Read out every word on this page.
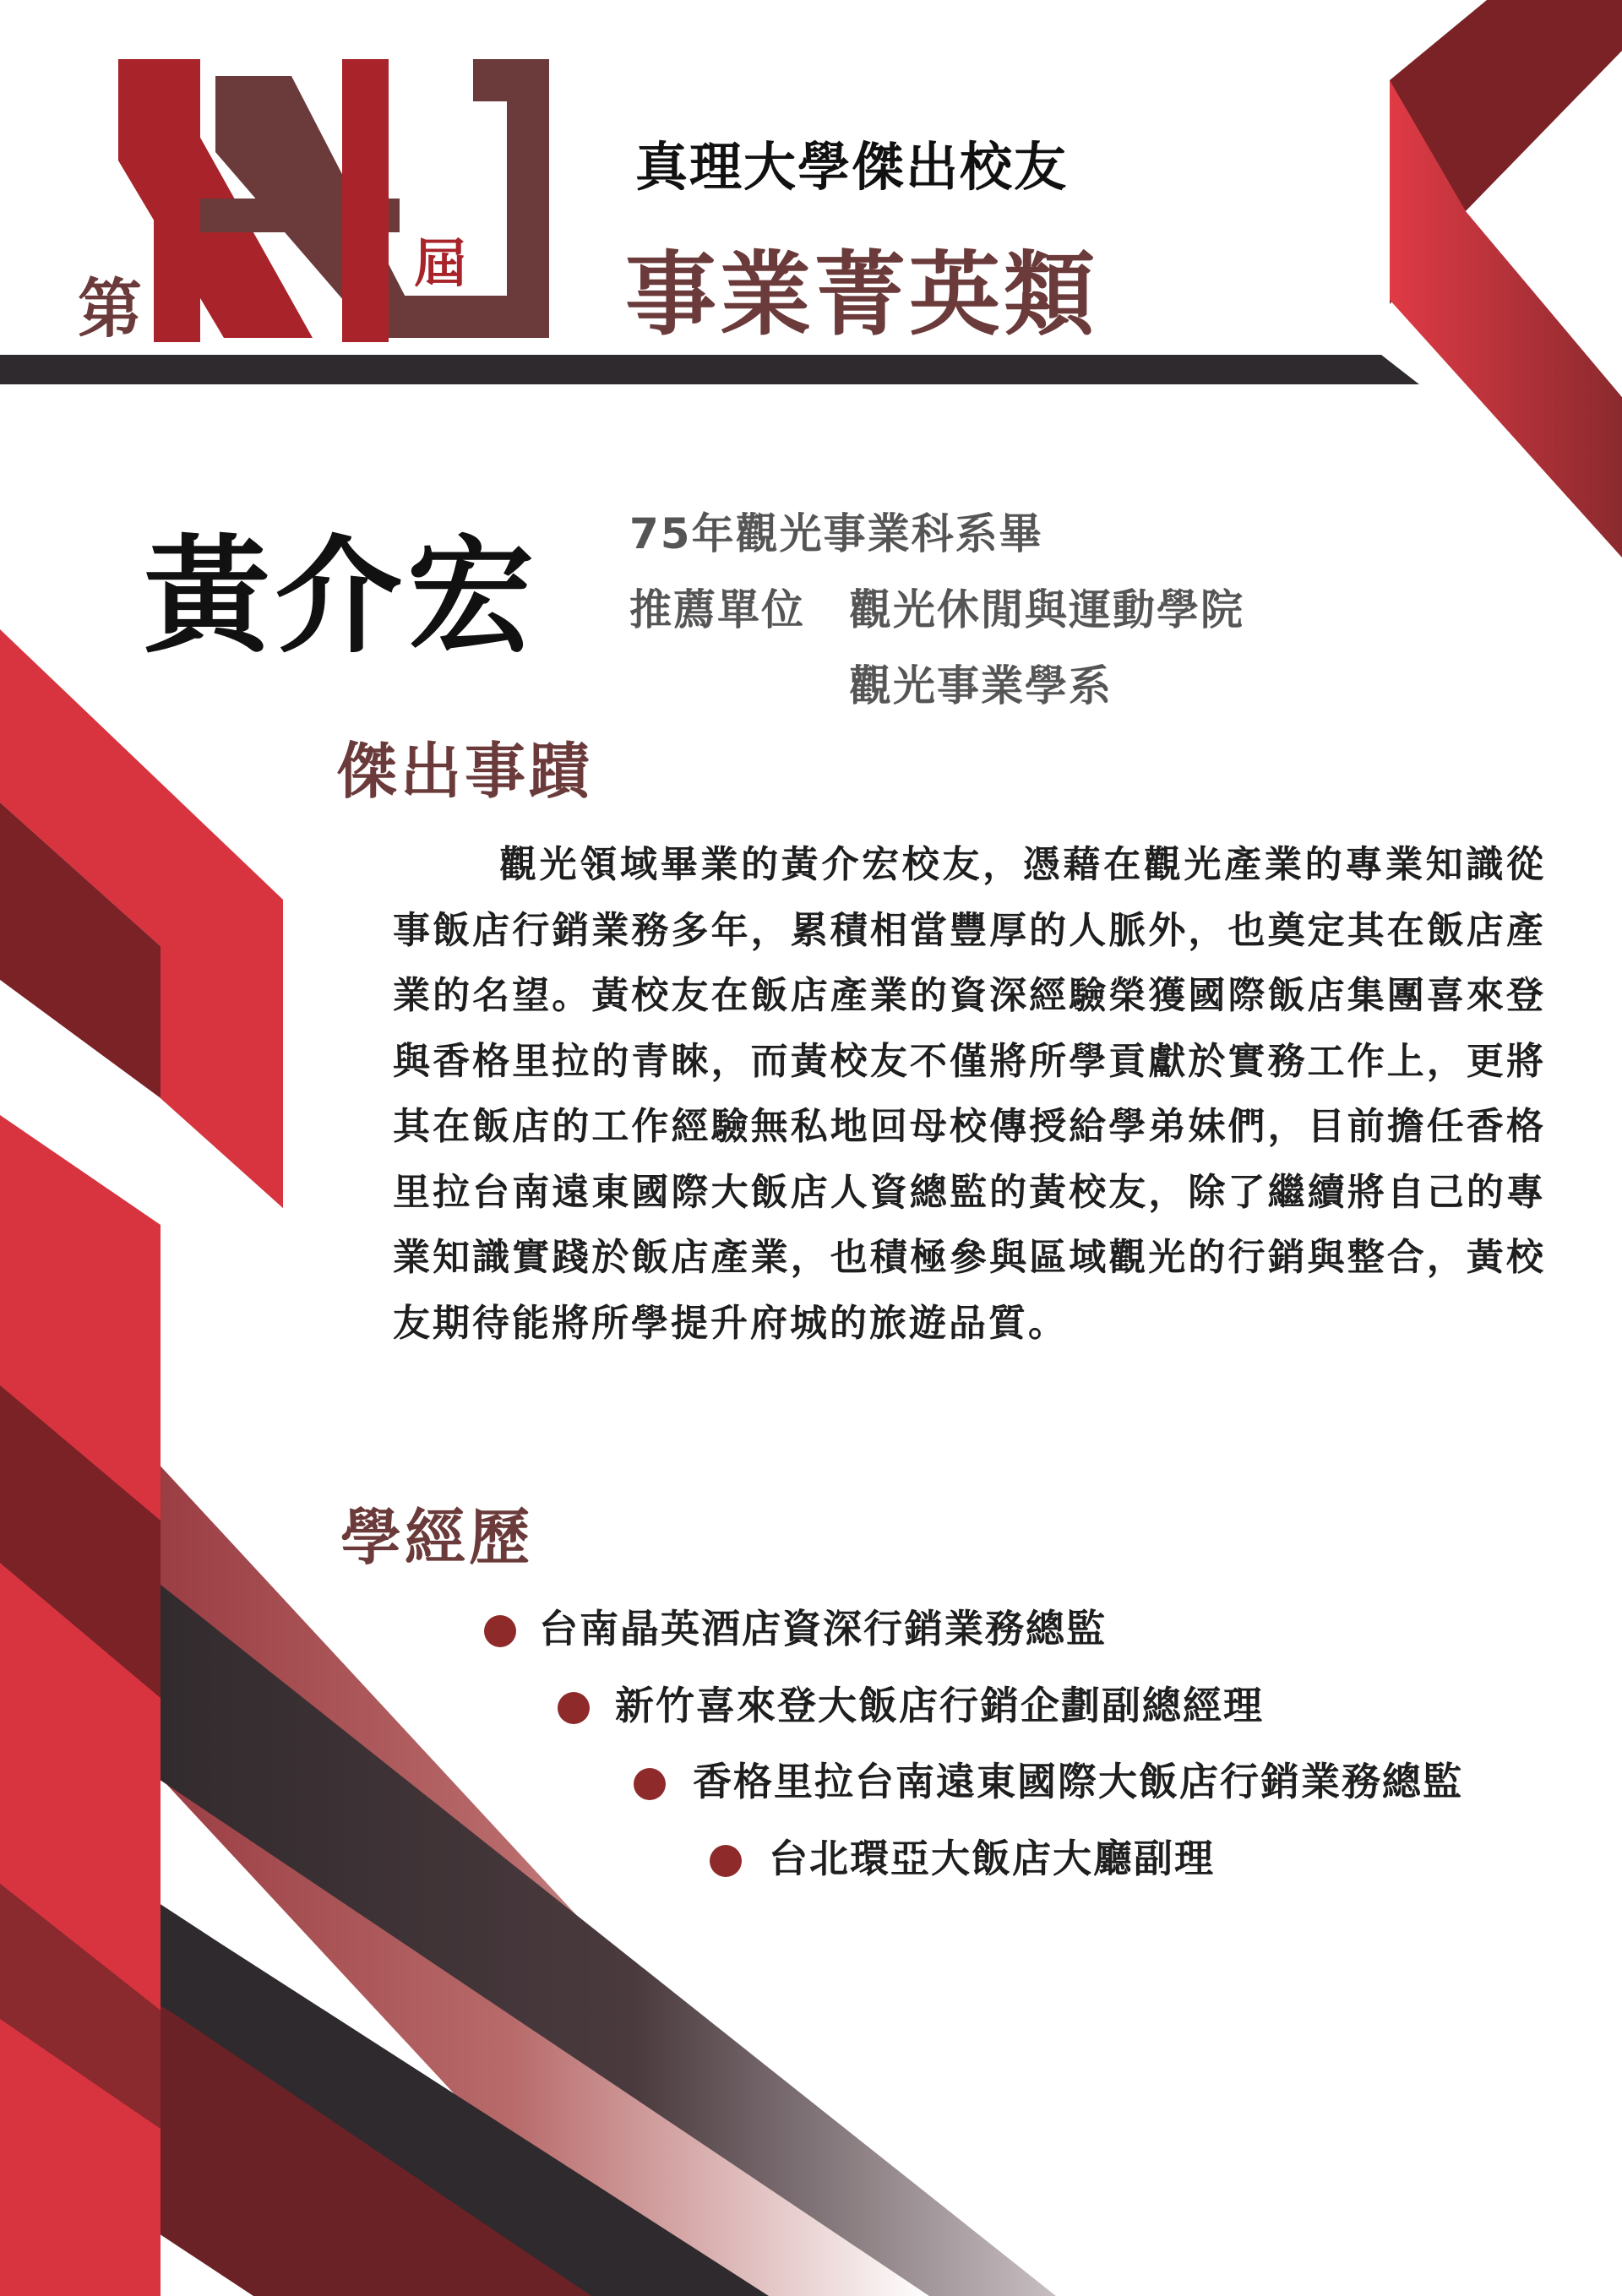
第
屆
真理大學傑出校友
事業菁英類
黃介宏 75年觀光事業科系畢
推薦單位 觀光休閒與運動學院
觀光事業學系
傑出事蹟

觀光領域畢業的黃介宏校友，憑藉在觀光產業的專業知識從事飯店行銷業務多年，累積相當豐厚的人脈外，也奠定其在飯店產業的名望。黃校友在飯店產業的資深經驗榮獲國際飯店集團喜來登與香格里拉的青睞，而黃校友不僅將所學貢獻於實務工作上，更將其在飯店的工作經驗無私地回母校傳授給學弟妹們，目前擔任香格里拉台南遠東國際大飯店人資總監的黃校友，除了繼續將自己的專業知識實踐於飯店產業，也積極參與區域觀光的行銷與整合，黃校友期待能將所學提升府城的旅遊品質。

學經歷
台南晶英酒店資深行銷業務總監
新竹喜來登大飯店行銷企劃副總經理
香格里拉台南遠東國際大飯店行銷業務總監
台北環亞大飯店大廳副理
